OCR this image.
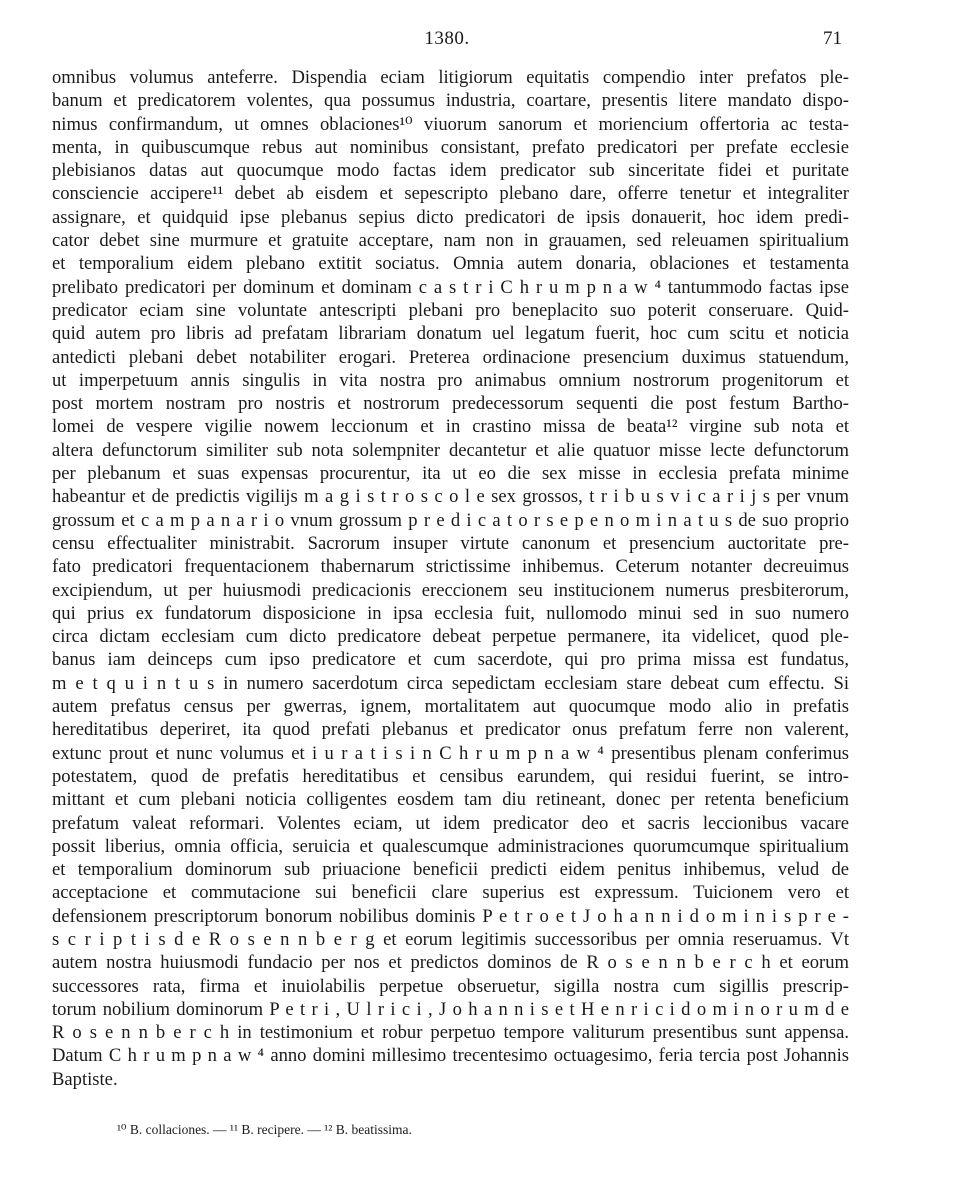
1380.	71
omnibus volumus anteferre. Dispendia eciam litigiorum equitatis compendio inter prefatos ple-
banum et predicatorem volentes, qua possumus industria, coartare, presentis litere mandato dispo-
nimus confirmandum, ut omnes oblaciones¹⁰ viuorum sanorum et moriencium offertoria ac testa-
menta, in quibuscumque rebus aut nominibus consistant, prefato predicatori per prefate ecclesie
plebisianos datas aut quocumque modo factas idem predicator sub sinceritate fidei et puritate
consciencie accipere¹¹ debet ab eisdem et sepescripto plebano dare, offerre tenetur et integraliter
assignare, et quidquid ipse plebanus sepius dicto predicatori de ipsis donauerit, hoc idem predi-
cator debet sine murmure et gratuite acceptare, nam non in grauamen, sed releuamen spiritualium
et temporalium eidem plebano extitit sociatus. Omnia autem donaria, oblaciones et testamenta
prelibato predicatori per dominum et dominam c a s t r i C h r u m p n a w ⁴ tantummodo factas ipse
predicator eciam sine voluntate antescripti plebani pro beneplacito suo poterit conseruare. Quid-
quid autem pro libris ad prefatam librariam donatum uel legatum fuerit, hoc cum scitu et noticia
antedicti plebani debet notabiliter erogari. Preterea ordinacione presencium duximus statuendum,
ut imperpetuum annis singulis in vita nostra pro animabus omnium nostrorum progenitorum et
post mortem nostram pro nostris et nostrorum predecessorum sequenti die post festum Bartho-
lomei de vespere vigilie nowem leccionum et in crastino missa de beata¹² virgine sub nota et
altera defunctorum similiter sub nota solempniter decantetur et alie quatuor misse lecte defunctorum
per plebanum et suas expensas procurentur, ita ut eo die sex misse in ecclesia prefata minime
habeantur et de predictis vigilijs m a g i s t r o s c o l e sex grossos, t r i b u s v i c a r i j s per vnum
grossum et c a m p a n a r i o vnum grossum p r e d i c a t o r s e p e n o m i n a t u s de suo proprio
censu effectualiter ministrabit. Sacrorum insuper virtute canonum et presencium auctoritate pre-
fato predicatori frequentacionem thabernarum strictissime inhibemus. Ceterum notanter decreuimus
excipiendum, ut per huiusmodi predicacionis ereccionem seu institucionem numerus presbiterorum,
qui prius ex fundatorum disposicione in ipsa ecclesia fuit, nullomodo minui sed in suo numero
circa dictam ecclesiam cum dicto predicatore debeat perpetue permanere, ita videlicet, quod ple-
banus iam deinceps cum ipso predicatore et cum sacerdote, qui pro prima missa est fundatus,
m e t q u i n t u s in numero sacerdotum circa sepedictam ecclesiam stare debeat cum effectu. Si
autem prefatus census per gwerras, ignem, mortalitatem aut quocumque modo alio in prefatis
hereditatibus deperiret, ita quod prefati plebanus et predicator onus prefatum ferre non valerent,
extunc prout et nunc volumus et i u r a t i s i n C h r u m p n a w ⁴ presentibus plenam conferimus
potestatem, quod de prefatis hereditatibus et censibus earundem, qui residui fuerint, se intro-
mittant et cum plebani noticia colligentes eosdem tam diu retineant, donec per retenta beneficium
prefatum valeat reformari. Volentes eciam, ut idem predicator deo et sacris leccionibus vacare
possit liberius, omnia officia, seruicia et qualescumque administraciones quorumcumque spiritualium
et temporalium dominorum sub priuacione beneficii predicti eidem penitus inhibemus, velud de
acceptacione et commutacione sui beneficii clare superius est expressum. Tuicionem vero et
defensionem prescriptorum bonorum nobilibus dominis P e t r o e t J o h a n n i d o m i n i s p r e -
s c r i p t i s d e R o s e n n b e r g et eorum legitimis successoribus per omnia reseruamus. Vt
autem nostra huiusmodi fundacio per nos et predictos dominos de R o s e n n b e r c h et eorum
successores rata, firma et inuiolabilis perpetue obseruetur, sigilla nostra cum sigillis prescrip-
torum nobilium dominorum P e t r i , U l r i c i , J o h a n n i s e t H e n r i c i d o m i n o r u m d e
R o s e n n b e r c h in testimonium et robur perpetuo tempore valiturum presentibus sunt appensa.
Datum C h r u m p n a w ⁴ anno domini millesimo trecentesimo octuagesimo, feria tercia post Johannis
Baptiste.
¹⁰ B. collaciones. — ¹¹ B. recipere. — ¹² B. beatissima.
